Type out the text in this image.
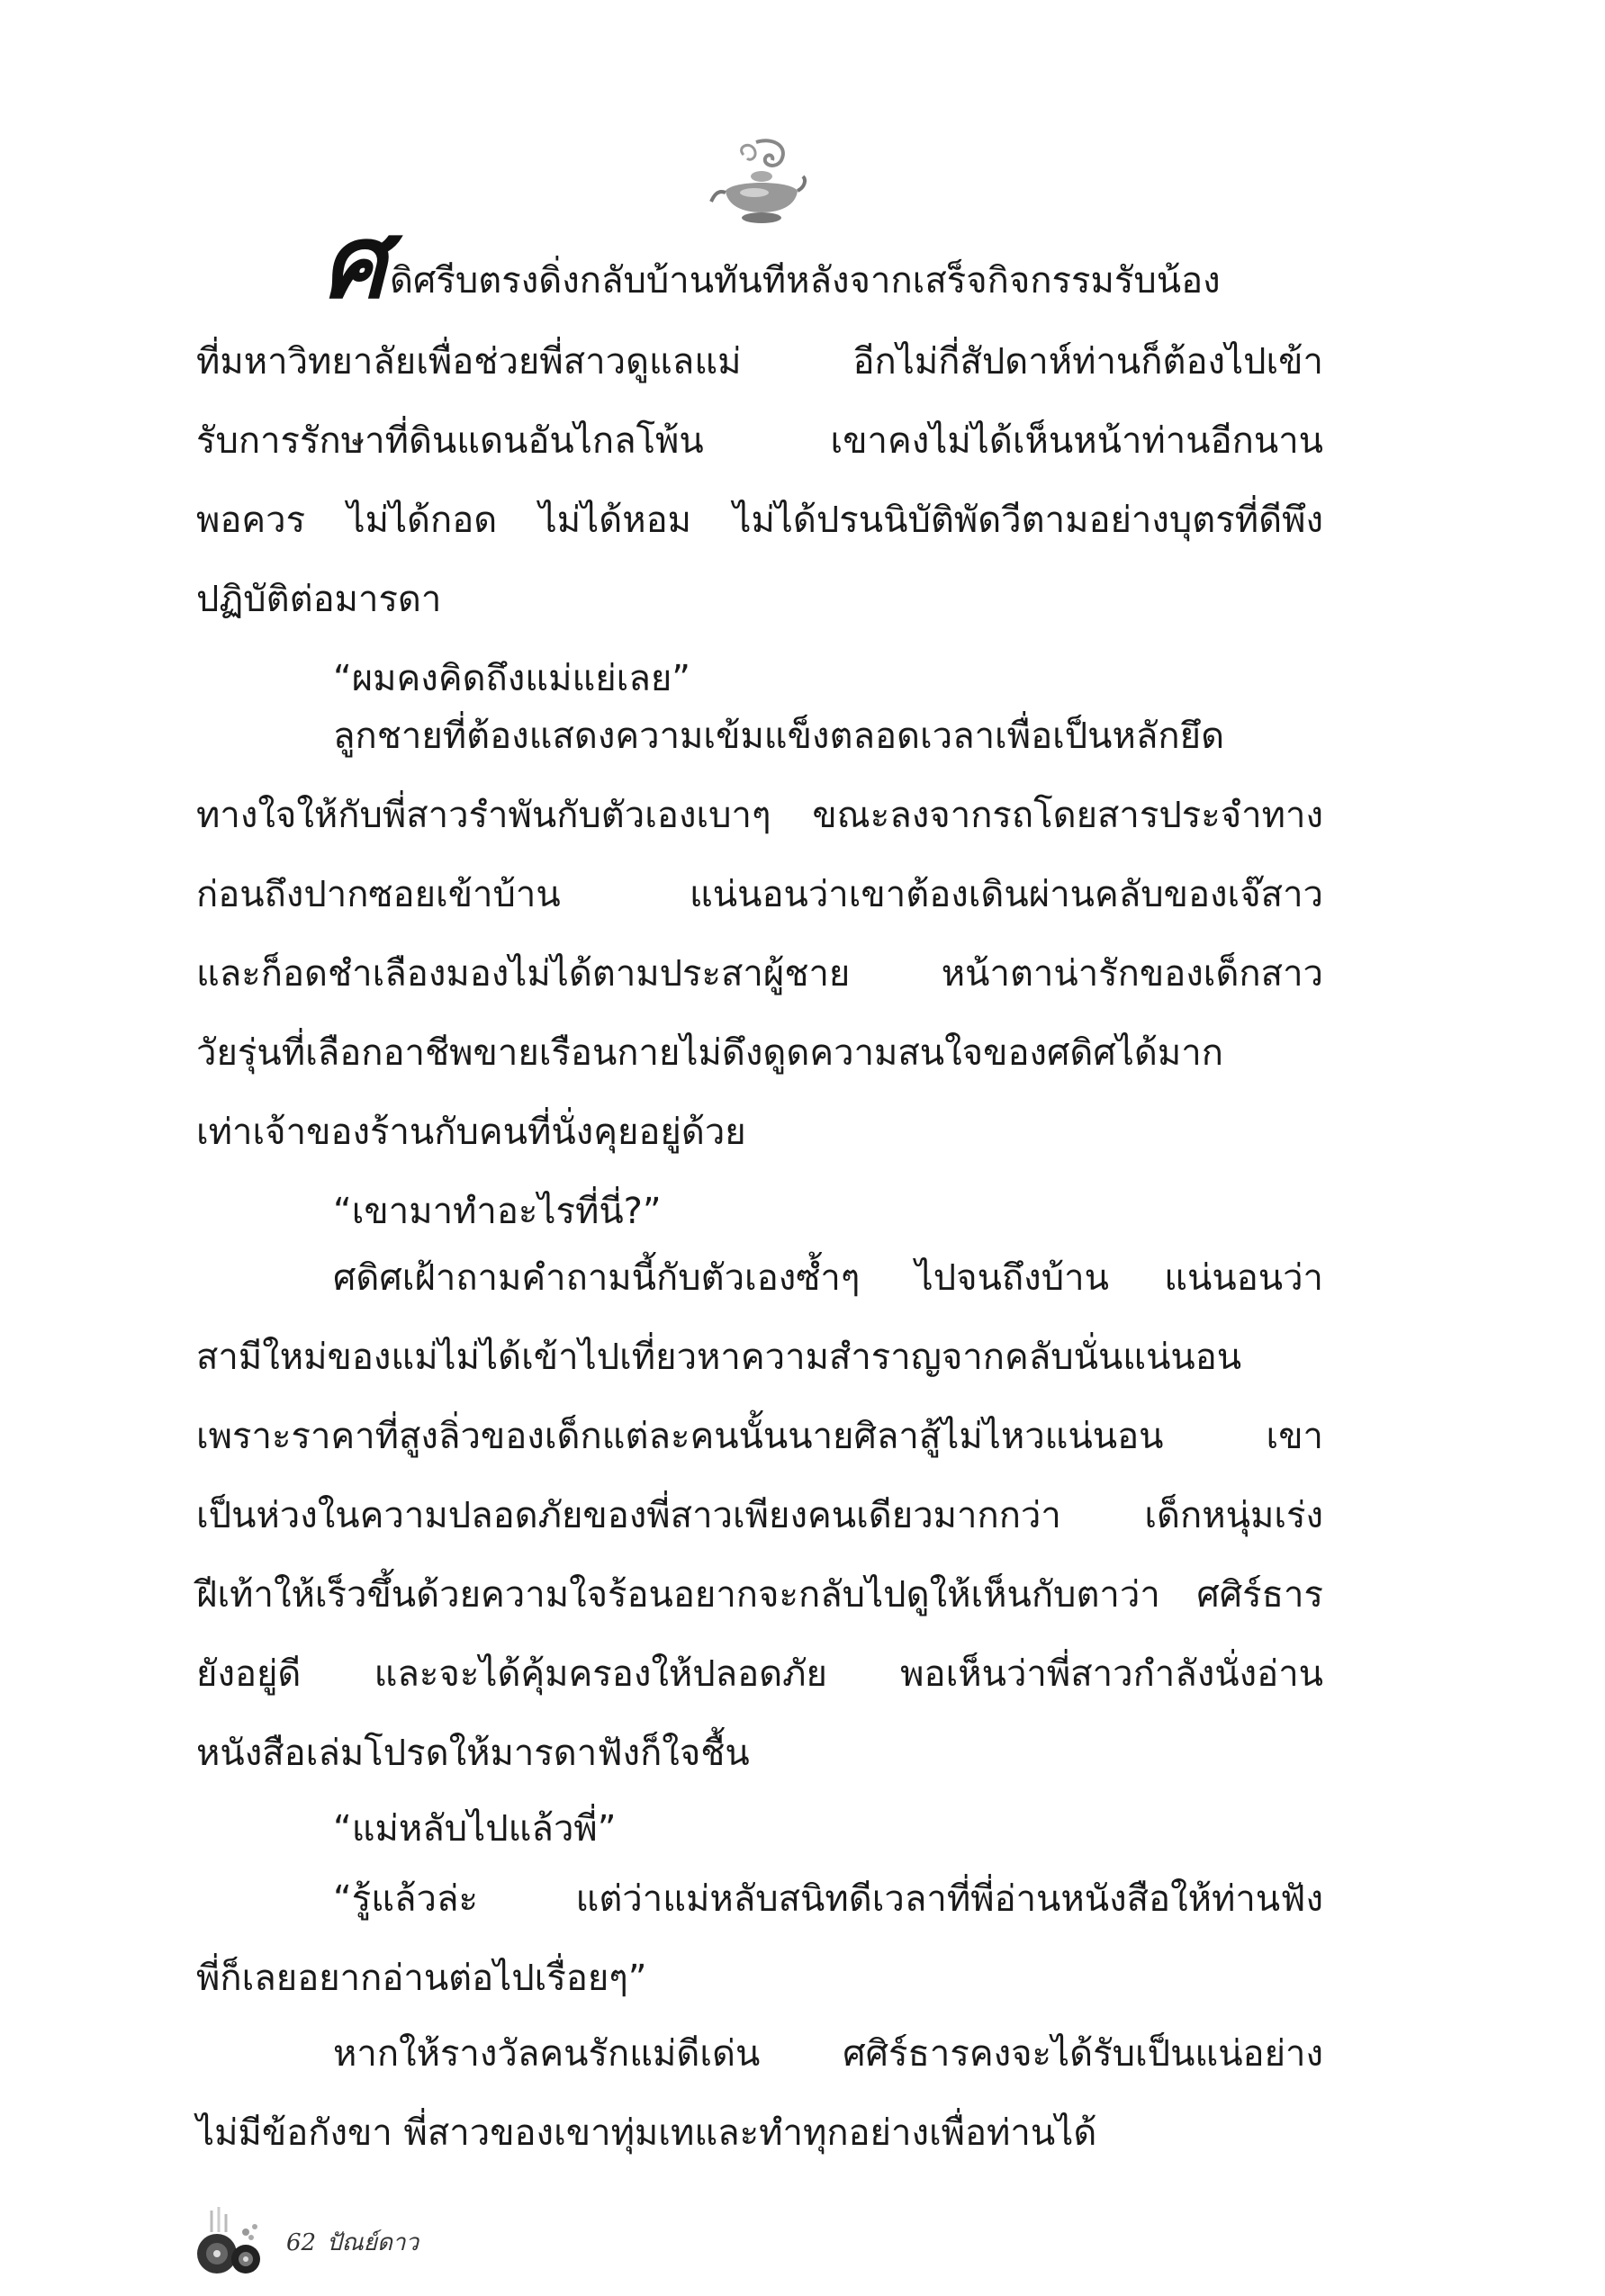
ศ ดิศรีบตรงดิ่งกลับบ้านทันทีหลังจากเสร็จกิจกรรมรับน้อง
ที่มหาวิทยาลัยเพื่อช่วยพี่สาวดูแลแม่ อีกไม่กี่สัปดาห์ท่านก็ต้องไปเข้า
รับการรักษาที่ดินแดนอันไกลโพ้น เขาคงไม่ได้เห็นหน้าท่านอีกนาน
พอควร ไม่ได้กอด ไม่ได้หอม ไม่ได้ปรนนิบัติพัดวีตามอย่างบุตรที่ดีพึง
ปฏิบัติต่อมารดา
“ผมคงคิดถึงแม่แย่เลย”
ลูกชายที่ต้องแสดงความเข้มแข็งตลอดเวลาเพื่อเป็นหลักยึด
ทางใจให้กับพี่สาวรำพันกับตัวเองเบาๆ ขณะลงจากรถโดยสารประจำทาง
ก่อนถึงปากซอยเข้าบ้าน แน่นอนว่าเขาต้องเดินผ่านคลับของเจ๊สาว
และก็อดชำเลืองมองไม่ได้ตามประสาผู้ชาย หน้าตาน่ารักของเด็กสาว
วัยรุ่นที่เลือกอาชีพขายเรือนกายไม่ดึงดูดความสนใจของศดิศได้มาก
เท่าเจ้าของร้านกับคนที่นั่งคุยอยู่ด้วย
“เขามาทำอะไรที่นี่?”
ศดิศเฝ้าถามคำถามนี้กับตัวเองซ้ำๆ ไปจนถึงบ้าน แน่นอนว่า
สามีใหม่ของแม่ไม่ได้เข้าไปเที่ยวหาความสำราญจากคลับนั่นแน่นอน
เพราะราคาที่สูงลิ่วของเด็กแต่ละคนนั้นนายศิลาสู้ไม่ไหวแน่นอน เขา
เป็นห่วงในความปลอดภัยของพี่สาวเพียงคนเดียวมากกว่า เด็กหนุ่มเร่ง
ฝีเท้าให้เร็วขึ้นด้วยความใจร้อนอยากจะกลับไปดูให้เห็นกับตาว่า ศศิร์ธาร
ยังอยู่ดี และจะได้คุ้มครองให้ปลอดภัย พอเห็นว่าพี่สาวกำลังนั่งอ่าน
หนังสือเล่มโปรดให้มารดาฟังก็ใจชื้น
“แม่หลับไปแล้วพี่”
“รู้แล้วล่ะ แต่ว่าแม่หลับสนิทดีเวลาที่พี่อ่านหนังสือให้ท่านฟัง
พี่ก็เลยอยากอ่านต่อไปเรื่อยๆ”
หากให้รางวัลคนรักแม่ดีเด่น ศศิร์ธารคงจะได้รับเป็นแน่อย่าง
ไม่มีข้อกังขา พี่สาวของเขาทุ่มเทและทำทุกอย่างเพื่อท่านได้
62 ปัณย์ดาว
